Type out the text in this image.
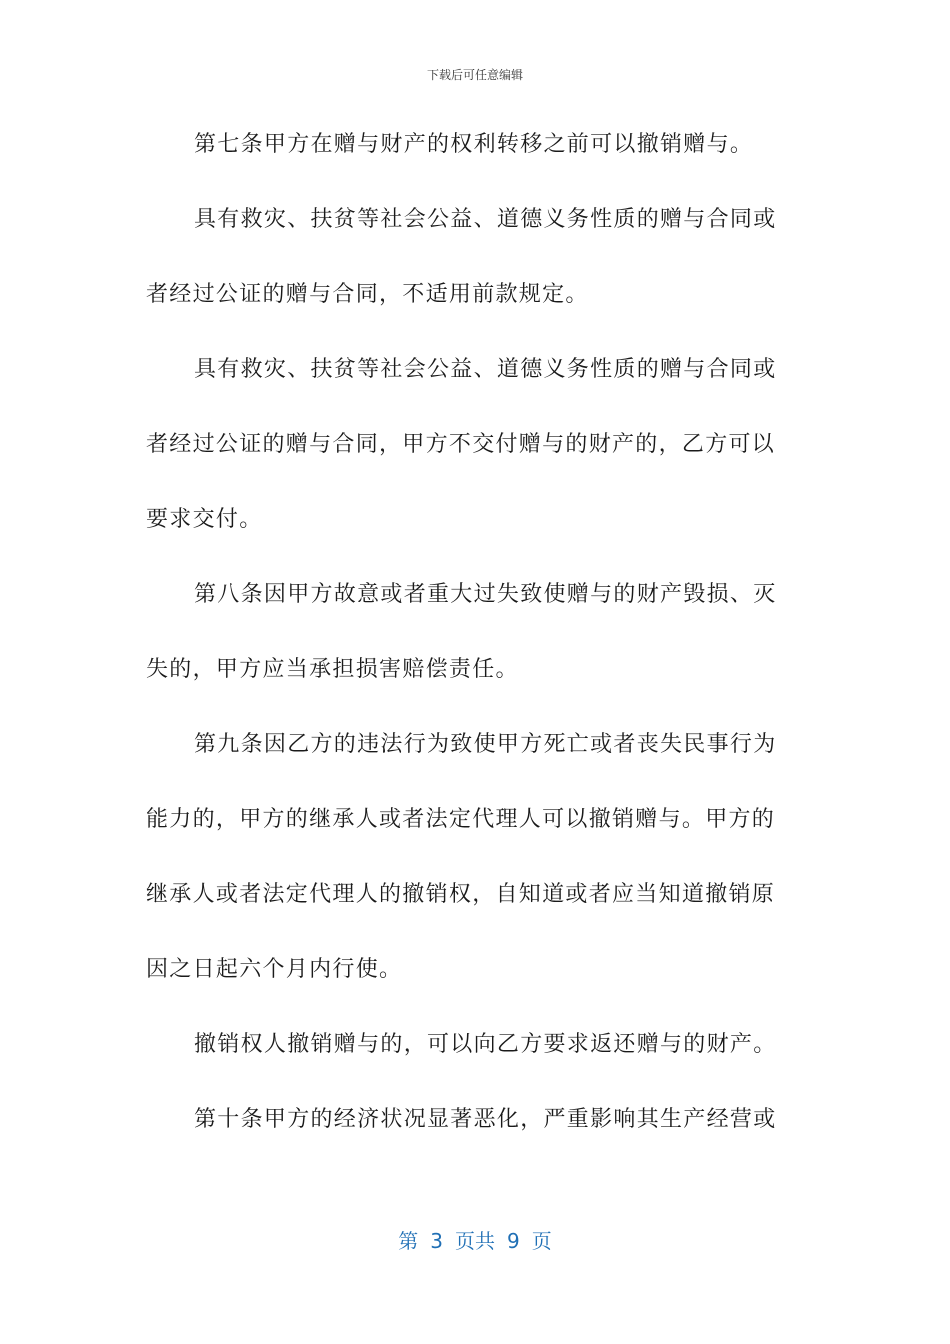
下载后可任意编辑
第七条甲方在赠与财产的权利转移之前可以撤销赠与。
具有救灾、扶贫等社会公益、道德义务性质的赠与合同或
者经过公证的赠与合同，不适用前款规定。
具有救灾、扶贫等社会公益、道德义务性质的赠与合同或
者经过公证的赠与合同，甲方不交付赠与的财产的，乙方可以
要求交付。
第八条因甲方故意或者重大过失致使赠与的财产毁损、灭
失的，甲方应当承担损害赔偿责任。
第九条因乙方的违法行为致使甲方死亡或者丧失民事行为
能力的，甲方的继承人或者法定代理人可以撤销赠与。甲方的
继承人或者法定代理人的撤销权，自知道或者应当知道撤销原
因之日起六个月内行使。
撤销权人撤销赠与的，可以向乙方要求返还赠与的财产。
第十条甲方的经济状况显著恶化，严重影响其生产经营或
第 3 页共 9 页
